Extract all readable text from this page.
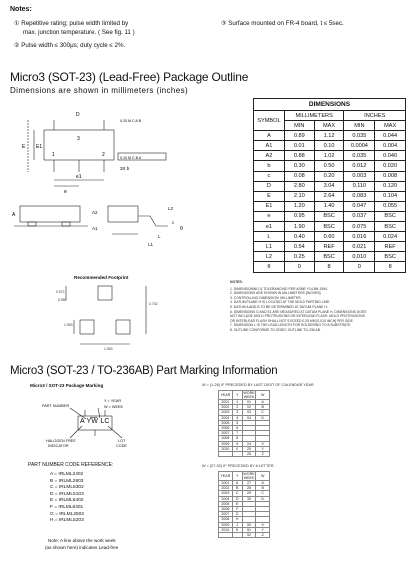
Notes:
① Repetitive rating; pulse width limited by
max. junction temperature. ( See fig. 11 )
② Pulse width ≤ 300μs; duty cycle ≤ 2%.
③ Surface mounted on FR-4 board, t ≤ 5sec.
Micro3 (SOT-23) (Lead-Free) Package Outline
Dimensions are shown in millimeters (inches)
E E1
3
1	2
e1
e
3X b
0.10 M C B A
D
0.20 M C A B
A	A2
A1
c
L
L1
L2
θ
DIMENSIONS				
SYMBOL	MILLIMETERS		INCHES	
	MIN	MAX	MIN	MAX
A	0.89	1.12	0.035	0.044
A1	0.01	0.10	0.0004	0.004
A2	0.88	1.02	0.035	0.040
b	0.30	0.50	0.012	0.020
c	0.08	0.20	0.003	0.008
D	2.80	3.04	0.110	0.120
E	2.10	2.64	0.083	0.104
E1	1.20	1.40	0.047	0.055
e	0.95	BSC	0.037	BSC
e1	1.90	BSC	0.075	BSC
L	0.40	0.60	0.016	0.024
L1	0.54	REF	0.021	REF
L2	0.25	BSC	0.010	BSC
θ	0	8	0	8
Recommended Footprint
0.972
0.950
1.900
2.742
1.900
NOTES:
1. DIMENSIONING & TOLERANCING PER ASME Y14.5M-1994.
2. DIMENSIONS ARE SHOWN IN MILLIMETERS [INCHES].
3. CONTROLLING DIMENSION: MILLIMETER.
4. DATUM PLANE H IS LOCATED AT THE MOLD PARTING LINE.
5. DATUM A AND B TO BE DETERMINED AT DATUM PLANE H.
6. DIMENSIONS D AND E1 ARE MEASURED AT DATUM PLANE H. DIMENSIONS DOES
NOT INCLUDE MOLD PROTRUSIONS OR INTERLEAD FLASH. MOLD PROTRUSIONS
OR INTERLEAD FLASH SHALL NOT EXCEED 0.25 MM [0.010 INCH] PER SIDE.
7. DIMENSION L IS THE LEAD LENGTH FOR SOLDERING TO A SUBSTRATE.
8. OUTLINE CONFORMS TO JEDEC OUTLINE TO-236 AB.
Micro3 (SOT-23 / TO-236AB) Part Marking Information
Micro3 / SOT-23 Package Marking
PART NUMBER
Y = YEAR
W = WEEK
A YW LC
HALOGEN FREE
INDICATOR
LOT
CODE
PART NUMBER CODE REFERENCE:
A = IRLML2402
B = IRLML2803
C = IRLML6302
D = IRLML5103
E = IRLML6402
F = IRLML6401
G = IRLML2502
H = IRLML5203
Note: A line above the work week
(as shown here) indicates Lead-free
W = (1-26) IF PRECEDED BY LAST DIGIT OF CALENDAR YEAR
YEAR	Y	WORK WEEK	W
2001	1	01	A
2002	2	02	B
2003	3	03	C
2004	4	04	D
2005	5		
2006	6		
2007	7		
2008	8		
2009	9	24	X
2010	0	25	Y
		26	Z
W = (27-52) IF PRECEDED BY A LETTER
YEAR	Y	WORK WEEK	W
2001	A	27	A
2002	B	28	B
2003	C	29	C
2004	D	30	D
2005	E		
2006	F		
2007	G		
2008	H		
2009	J	50	X
2010	K	51	Y
		52	Z
